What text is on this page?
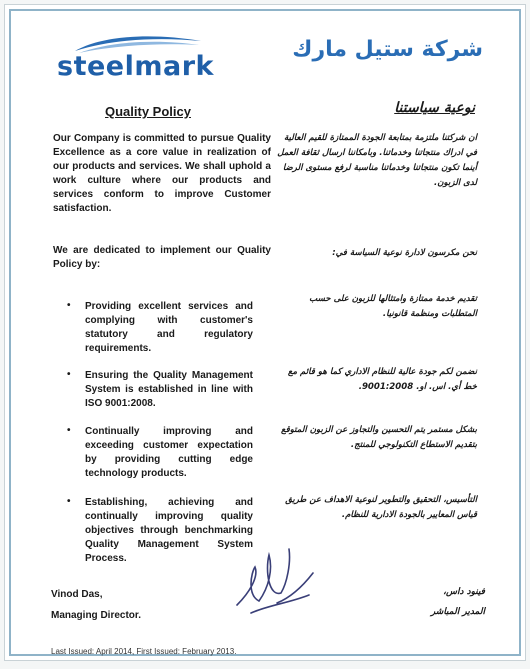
steelmark
شركة ستيل مارك
Quality Policy	نوعية سياستنا
Our Company is committed to pursue Quality Excellence as a core value in realization of our products and services. We shall uphold a work culture where our products and services conform to improve Customer satisfaction.
ان شركتنا ملتزمة بمتابعة الجودة الممتازة للقيم العالية في ادراك منتجاتنا وخدماتنا. وبامكاننا ارسال ثقافة العمل أينما تكون منتجاتنا وخدماتنا مناسبة لرفع مستوى الرضا لدى الزبون.
We are dedicated to implement our Quality Policy by:
نحن مكرسون لادارة نوعية السياسة في:
•	Providing excellent services and complying with customer's statutory and regulatory requirements.
تقديم خدمة ممتازة وامتثالها للزبون على حسب المتطلبات ومنظمة قانونيا.
•	Ensuring the Quality Management System is established in line with ISO 9001:2008.
نضمن لكم جودة عالية للنظام الاداري كما هو قائم مع خط أي. اس. او. 9001:2008.
•	Continually improving and exceeding customer expectation by providing cutting edge technology products.
بشكل مستمر يتم التحسين والتجاوز عن الزبون المتوقع بتقديم الاستطاع التكنولوجي للمنتج.
•	Establishing, achieving and continually improving quality objectives through benchmarking Quality Management System Process.
التأسيس، التحقيق والتطوير لنوعية الاهداف عن طريق قياس المعايير بالجودة الادارية للنظام.
Vinod Das,
Managing Director.
فينود داس،
المدير المباشر
Last Issued: April 2014, First Issued: February 2013.
